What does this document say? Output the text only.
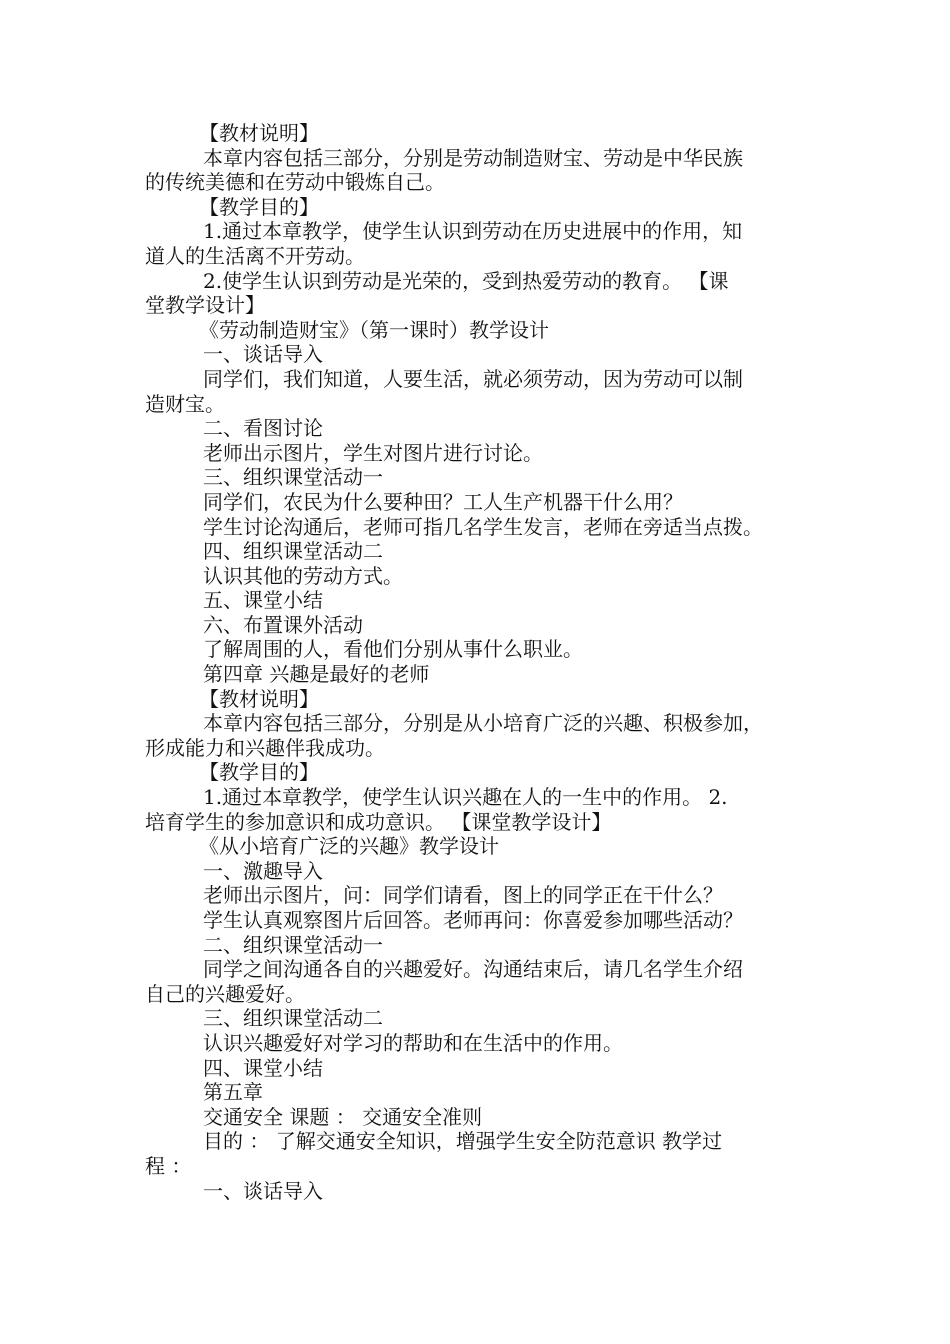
【教材说明】
本章内容包括三部分，分别是劳动制造财宝、劳动是中华民族
的传统美德和在劳动中锻炼自己。
【教学目的】
1.通过本章教学，使学生认识到劳动在历史进展中的作用，知
道人的生活离不开劳动。
2.使学生认识到劳动是光荣的，受到热爱劳动的教育。 【课
堂教学设计】
《劳动制造财宝》（第一课时）教学设计
一、谈话导入
同学们，我们知道，人要生活，就必须劳动，因为劳动可以制
造财宝。
二、看图讨论
老师出示图片，学生对图片进行讨论。
三、组织课堂活动一
同学们，农民为什么要种田？工人生产机器干什么用？
学生讨论沟通后，老师可指几名学生发言，老师在旁适当点拨。
四、组织课堂活动二
认识其他的劳动方式。
五、课堂小结
六、布置课外活动
了解周围的人，看他们分别从事什么职业。
第四章 兴趣是最好的老师
【教材说明】
本章内容包括三部分，分别是从小培育广泛的兴趣、积极参加，
形成能力和兴趣伴我成功。
【教学目的】
1.通过本章教学，使学生认识兴趣在人的一生中的作用。 2.
培育学生的参加意识和成功意识。 【课堂教学设计】
《从小培育广泛的兴趣》教学设计
一、激趣导入
老师出示图片，问：同学们请看，图上的同学正在干什么？
学生认真观察图片后回答。老师再问：你喜爱参加哪些活动？
二、组织课堂活动一
同学之间沟通各自的兴趣爱好。沟通结束后，请几名学生介绍
自己的兴趣爱好。
三、组织课堂活动二
认识兴趣爱好对学习的帮助和在生活中的作用。
四、课堂小结
第五章
交通安全 课题 ： 交通安全准则
目的 ： 了解交通安全知识，增强学生安全防范意识 教学过
程 ：
一、谈话导入
